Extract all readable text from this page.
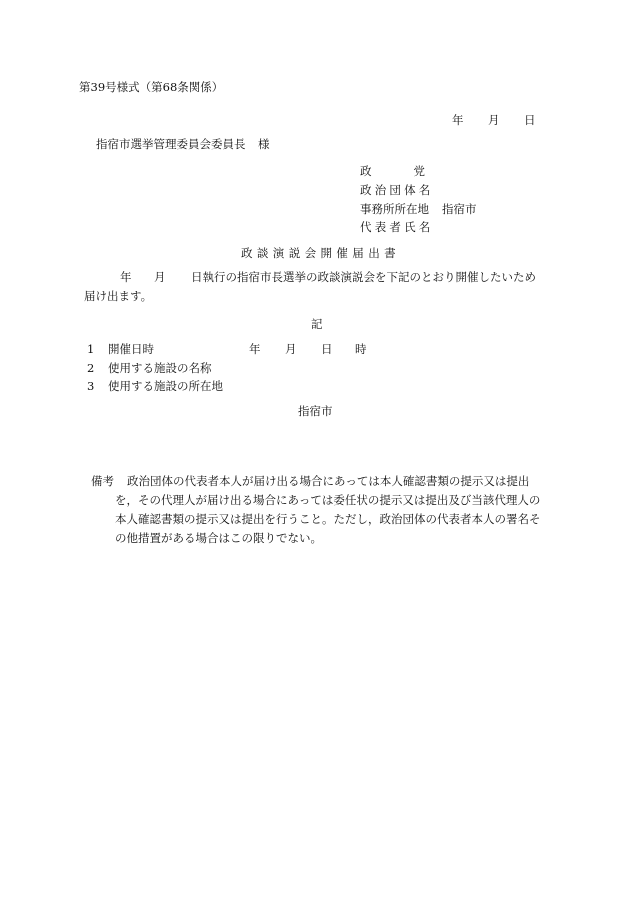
第39号様式（第68条関係）
年 月 日
指宿市選挙管理委員会委員長 様
政	党
政治団体名
事務所所在地 指宿市
代表者氏名
政談演説会開催届出書
年 月 日執行の指宿市長選挙の政談演説会を下記のとおり開催したいため
届け出ます。
記
1 開催日時	年 月 日 時
2 使用する施設の名称
3 使用する施設の所在地
指宿市
備考 政治団体の代表者本人が届け出る場合にあっては本人確認書類の提示又は提出
を，その代理人が届け出る場合にあっては委任状の提示又は提出及び当該代理人の
本人確認書類の提示又は提出を行うこと。ただし，政治団体の代表者本人の署名そ
の他措置がある場合はこの限りでない。
